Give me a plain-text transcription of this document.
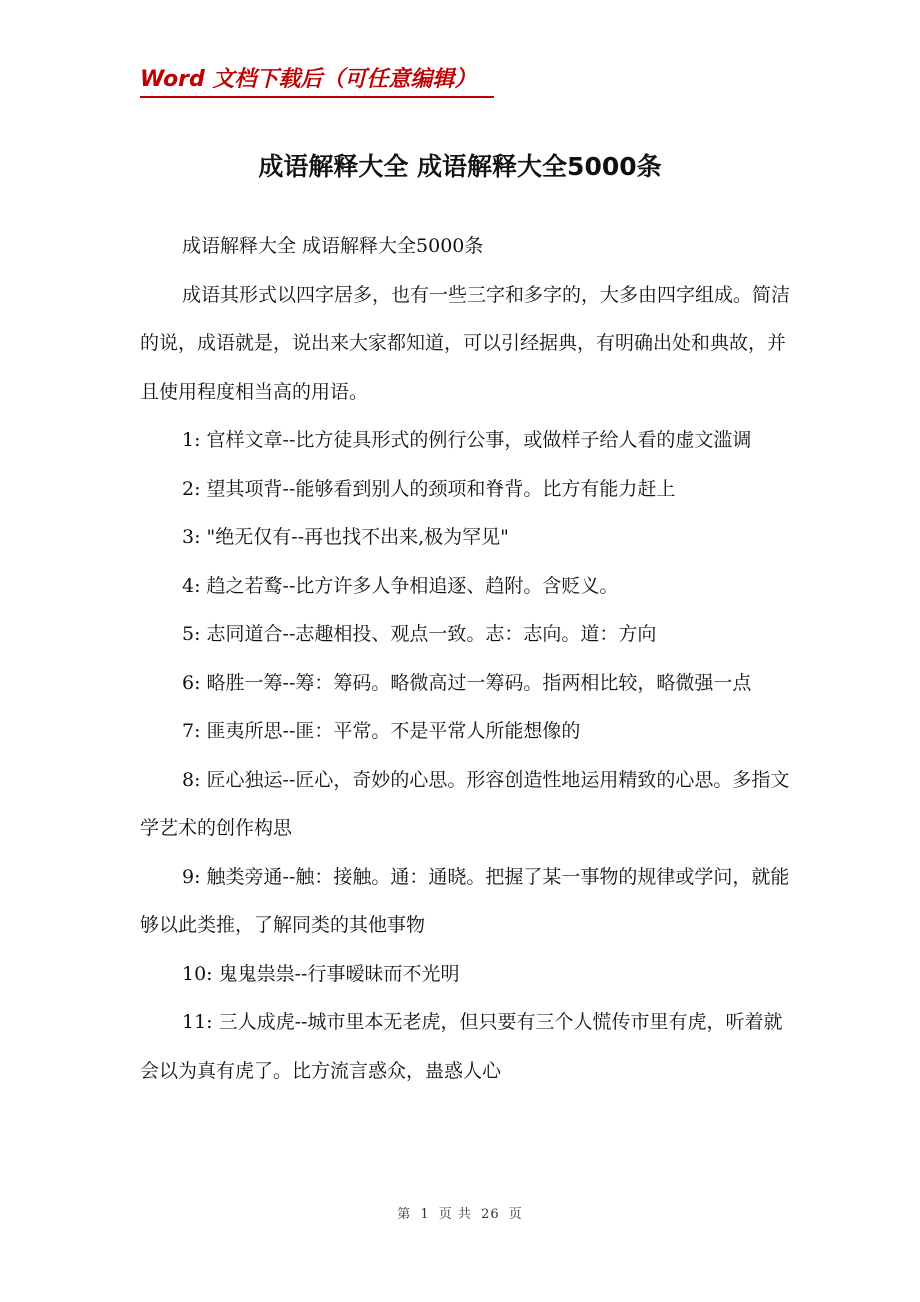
Word 文档下载后（可任意编辑）
成语解释大全 成语解释大全5000条

成语解释大全 成语解释大全5000条

成语其形式以四字居多，也有一些三字和多字的，大多由四字组成。简洁的说，成语就是，说出来大家都知道，可以引经据典，有明确出处和典故，并且使用程度相当高的用语。

1: 官样文章--比方徒具形式的例行公事，或做样子给人看的虚文滥调

2: 望其项背--能够看到别人的颈项和脊背。比方有能力赶上

3: "绝无仅有--再也找不出来,极为罕见"

4: 趋之若鹜--比方许多人争相追逐、趋附。含贬义。

5: 志同道合--志趣相投、观点一致。志：志向。道：方向

6: 略胜一筹--筹：筹码。略微高过一筹码。指两相比较，略微强一点

7: 匪夷所思--匪：平常。不是平常人所能想像的

8: 匠心独运--匠心，奇妙的心思。形容创造性地运用精致的心思。多指文学艺术的创作构思

9: 触类旁通--触：接触。通：通晓。把握了某一事物的规律或学问，就能够以此类推，了解同类的其他事物

10: 鬼鬼祟祟--行事暧昧而不光明

11: 三人成虎--城市里本无老虎，但只要有三个人慌传市里有虎，听着就会以为真有虎了。比方流言惑众，蛊惑人心

第 1 页 共 26 页
